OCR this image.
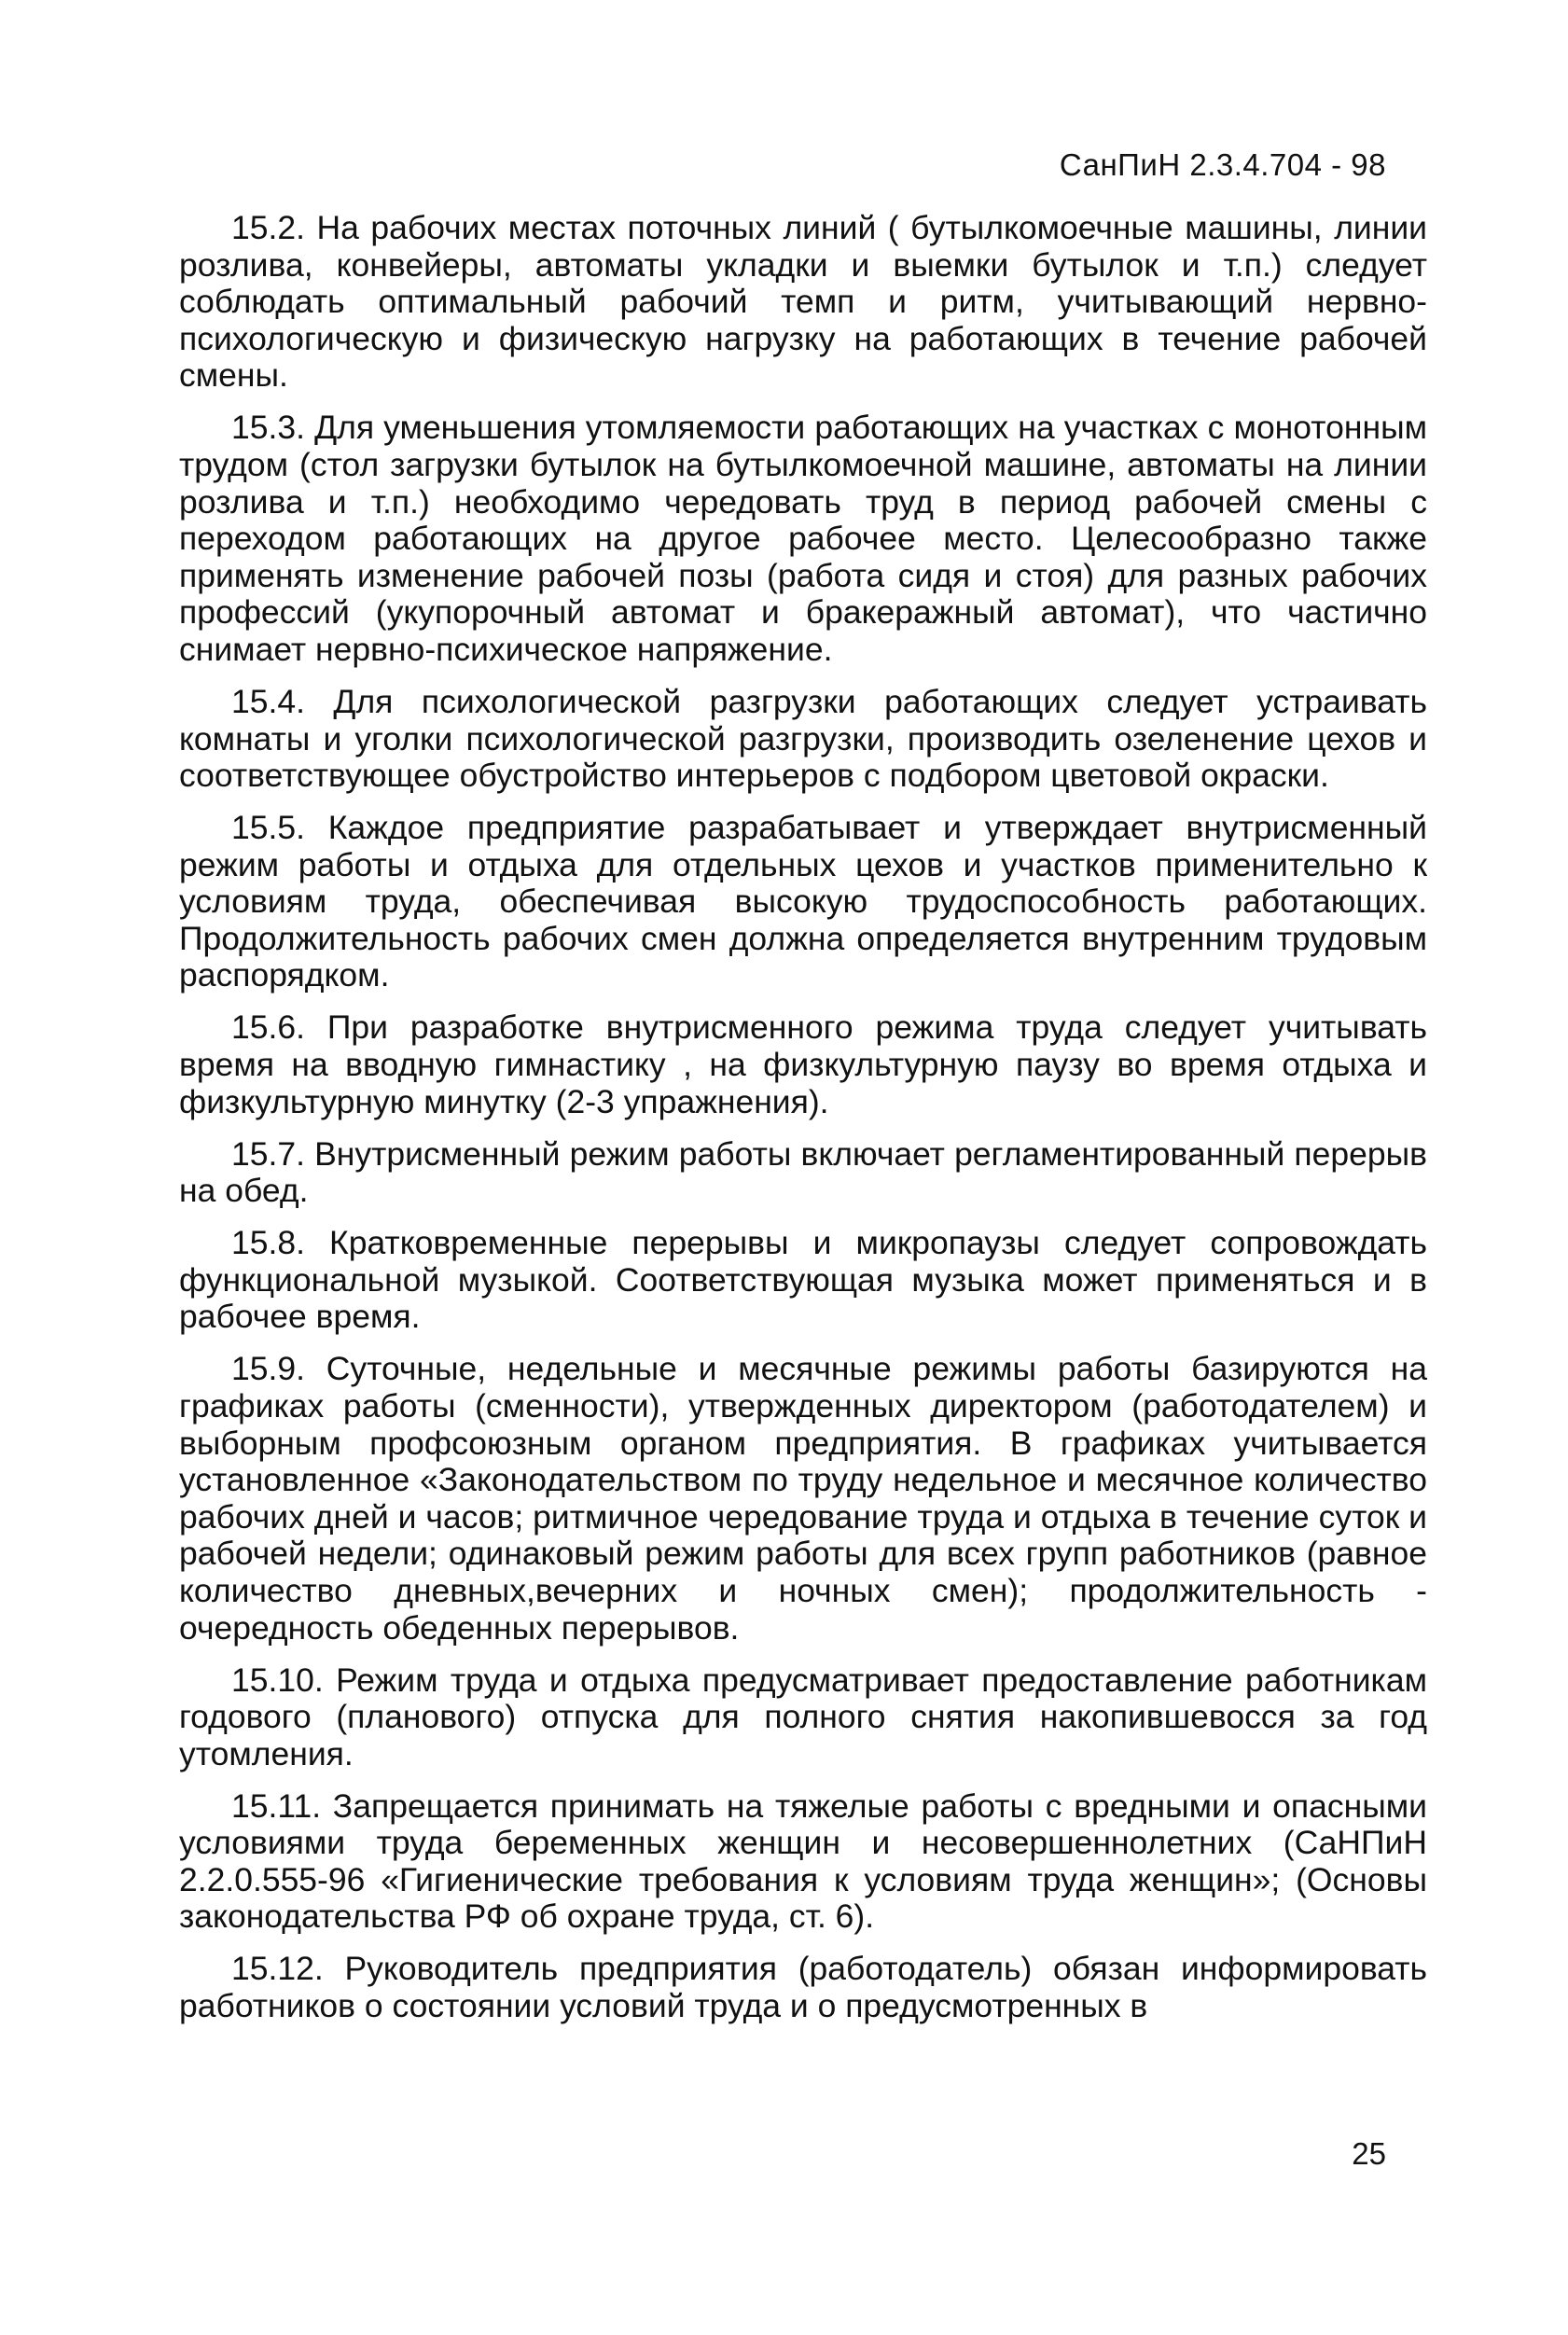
СанПиН 2.3.4.704 - 98

15.2. На рабочих местах поточных линий ( бутылкомоечные машины, линии розлива, конвейеры, автоматы укладки и выемки бутылок и т.п.) следует соблюдать оптимальный рабочий темп и ритм, учитывающий нервно-психологическую и физическую нагрузку на работающих в течение рабочей смены.

15.3. Для уменьшения утомляемости работающих на участках с монотонным трудом (стол загрузки бутылок на бутылкомоечной машине, автоматы на линии розлива и т.п.) необходимо чередовать труд в период рабочей смены с переходом работающих на другое рабочее место. Целесообразно также применять изменение рабочей позы (работа сидя и стоя) для разных рабочих профессий (укупорочный автомат и бракеражный автомат), что частично снимает нервно-психическое напряжение.

15.4. Для психологической разгрузки работающих следует устраивать комнаты и уголки психологической разгрузки, производить озеленение цехов и соответствующее обустройство интерьеров с подбором цветовой окраски.

15.5. Каждое предприятие разрабатывает и утверждает внутрисменный режим работы и отдыха для отдельных цехов и участков применительно к условиям труда, обеспечивая высокую трудоспособность работающих. Продолжительность рабочих смен должна определяется внутренним трудовым распорядком.

15.6. При разработке внутрисменного режима труда следует учитывать время на вводную гимнастику , на физкультурную паузу во время отдыха и физкультурную минутку (2-3 упражнения).

15.7. Внутрисменный режим работы включает регламентированный перерыв на обед.

15.8. Кратковременные перерывы и микропаузы следует сопровождать функциональной музыкой. Соответствующая музыка может применяться и в рабочее время.

15.9. Суточные, недельные и месячные режимы работы базируются на графиках работы (сменности), утвержденных директором (работодателем) и выборным профсоюзным органом предприятия. В графиках учитывается установленное «Законодательством по труду недельное и месячное количество рабочих дней и часов; ритмичное чередование труда и отдыха в течение суток и рабочей недели; одинаковый режим работы для всех групп работников (равное количество дневных,вечерних и ночных смен); продолжительность - очередность обеденных перерывов.

15.10. Режим труда и отдыха предусматривает предоставление работникам годового (планового) отпуска для полного снятия накопившевосся за год утомления.

15.11. Запрещается принимать на тяжелые работы с вредными и опасными условиями труда беременных женщин и несовершеннолетних (СаНПиН 2.2.0.555-96 «Гигиенические требования к условиям труда женщин»; (Основы законодательства РФ об охране труда, ст. 6).

15.12. Руководитель предприятия (работодатель) обязан информировать работников о состоянии условий труда и о предусмотренных в

25
